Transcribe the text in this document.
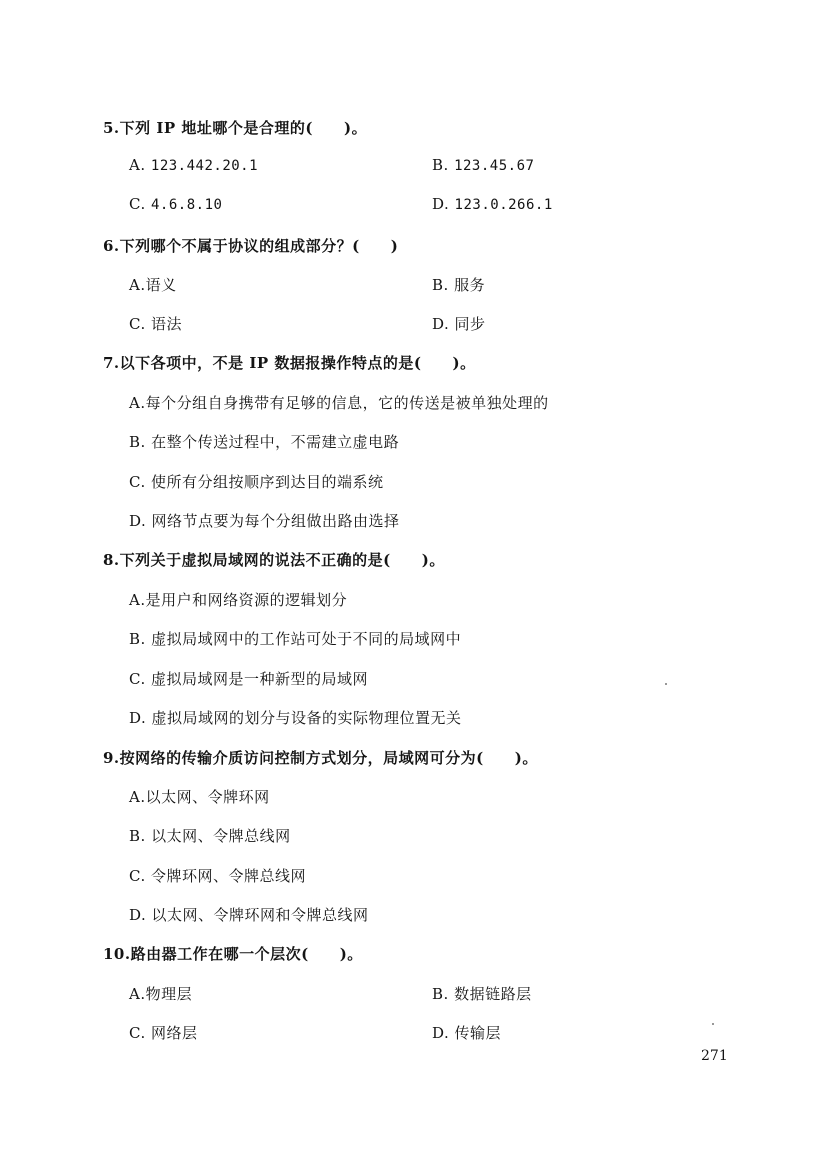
5.下列 IP 地址哪个是合理的(　　)。
A. 123.442.20.1	B. 123.45.67
C. 4.6.8.10	D. 123.0.266.1
6.下列哪个不属于协议的组成部分？(　　)
A.语义	B. 服务
C. 语法	D. 同步
7.以下各项中，不是 IP 数据报操作特点的是(　　)。
A.每个分组自身携带有足够的信息，它的传送是被单独处理的
B. 在整个传送过程中，不需建立虚电路
C. 使所有分组按顺序到达目的端系统
D. 网络节点要为每个分组做出路由选择
8.下列关于虚拟局域网的说法不正确的是(　　)。
A.是用户和网络资源的逻辑划分
B. 虚拟局域网中的工作站可处于不同的局域网中
C. 虚拟局域网是一种新型的局域网
D. 虚拟局域网的划分与设备的实际物理位置无关
9.按网络的传输介质访问控制方式划分，局域网可分为(　　)。
A.以太网、令牌环网
B. 以太网、令牌总线网
C. 令牌环网、令牌总线网
D. 以太网、令牌环网和令牌总线网
10.路由器工作在哪一个层次(　　)。
A.物理层	B. 数据链路层
C. 网络层	D. 传输层
271
